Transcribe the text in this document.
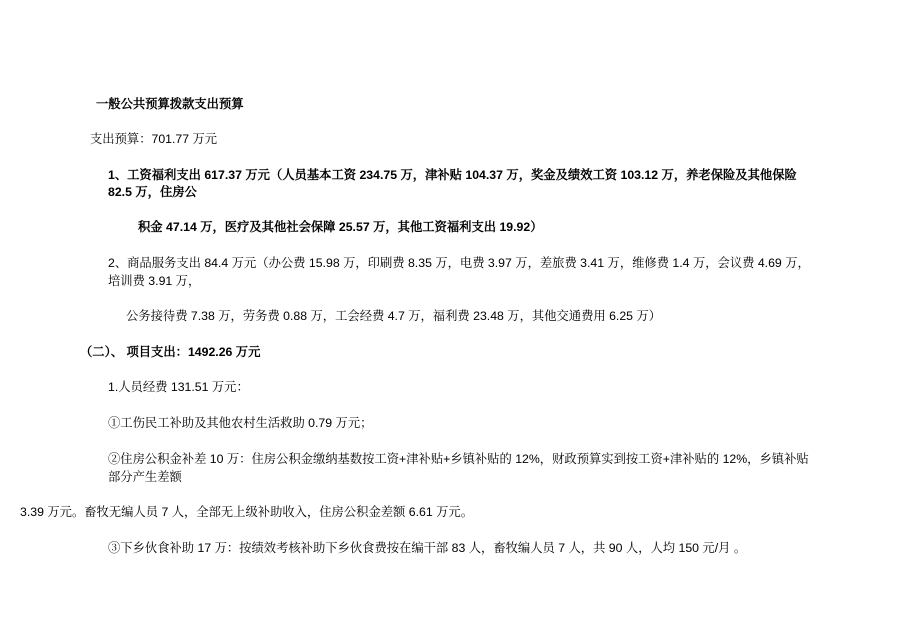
一般公共预算拨款支出预算

支出预算：701.77 万元

1、工资福利支出 617.37 万元（人员基本工资 234.75 万，津补贴 104.37 万，奖金及绩效工资 103.12 万，养老保险及其他保险 82.5 万，住房公

积金 47.14 万，医疗及其他社会保障 25.57 万，其他工资福利支出 19.92）

2、商品服务支出 84.4 万元（办公费 15.98 万，印刷费 8.35 万，电费 3.97 万，差旅费 3.41 万，维修费 1.4 万，会议费 4.69 万，培训费 3.91 万，

公务接待费 7.38 万，劳务费 0.88 万，工会经费 4.7 万，福利费 23.48 万，其他交通费用 6.25 万）

（二）、 项目支出：1492.26 万元

1.人员经费 131.51 万元：

①工伤民工补助及其他农村生活救助 0.79 万元；

②住房公积金补差 10 万：住房公积金缴纳基数按工资+津补贴+乡镇补贴的 12%，财政预算实到按工资+津补贴的 12%，乡镇补贴部分产生差额

3.39 万元。畜牧无编人员 7 人，全部无上级补助收入，住房公积金差额 6.61 万元。

③下乡伙食补助 17 万：按绩效考核补助下乡伙食费按在编干部 83 人，畜牧编人员 7 人，共 90 人，人均 150 元/月 。
